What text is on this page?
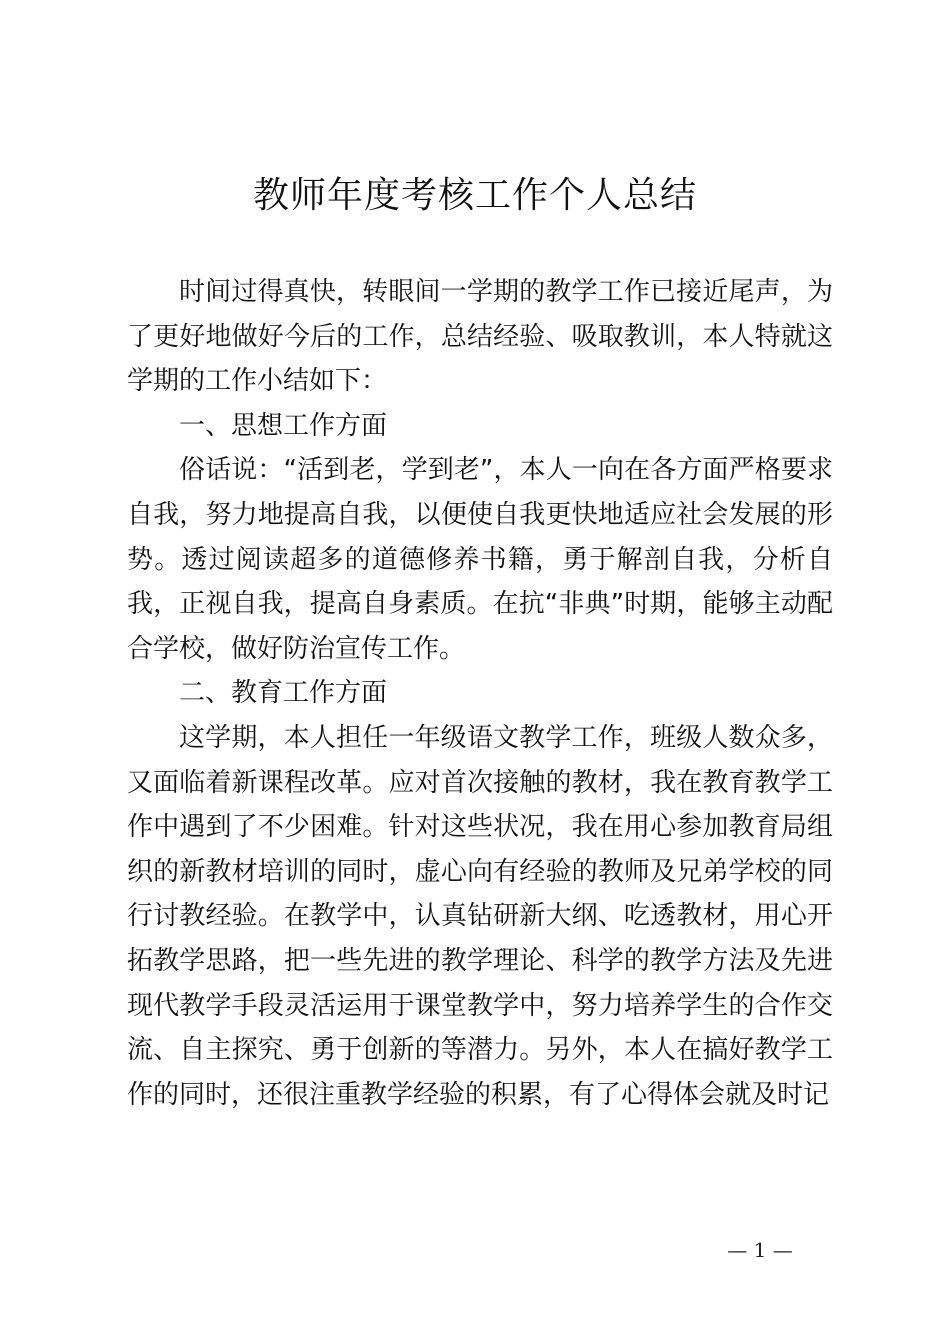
教师年度考核工作个人总结

时间过得真快，转眼间一学期的教学工作已接近尾声，为了更好地做好今后的工作，总结经验、吸取教训，本人特就这学期的工作小结如下：

一、思想工作方面

俗话说：“活到老，学到老”，本人一向在各方面严格要求自我，努力地提高自我，以便使自我更快地适应社会发展的形势。透过阅读超多的道德修养书籍，勇于解剖自我，分析自我，正视自我，提高自身素质。在抗“非典”时期，能够主动配合学校，做好防治宣传工作。

二、教育工作方面

这学期，本人担任一年级语文教学工作，班级人数众多，又面临着新课程改革。应对首次接触的教材，我在教育教学工作中遇到了不少困难。针对这些状况，我在用心参加教育局组织的新教材培训的同时，虚心向有经验的教师及兄弟学校的同行讨教经验。在教学中，认真钻研新大纲、吃透教材，用心开拓教学思路，把一些先进的教学理论、科学的教学方法及先进现代教学手段灵活运用于课堂教学中，努力培养学生的合作交流、自主探究、勇于创新的等潜力。另外，本人在搞好教学工作的同时，还很注重教学经验的积累，有了心得体会就及时记

— 1 —
